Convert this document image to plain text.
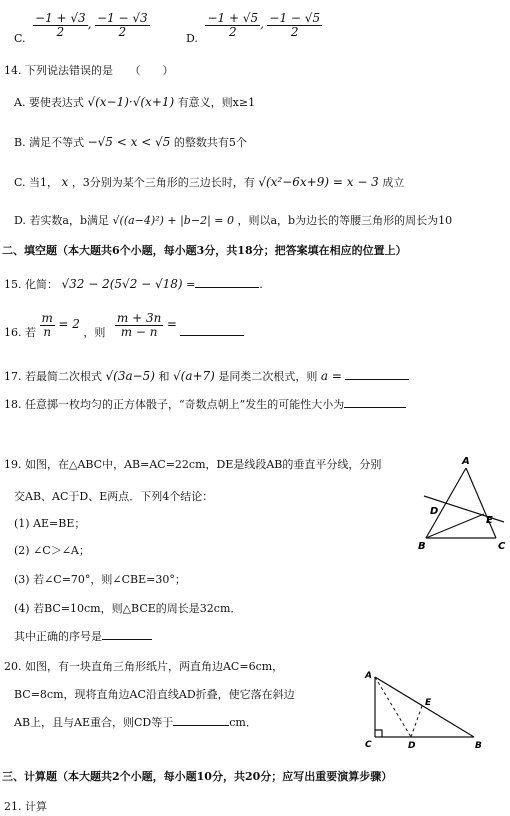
C.
$\frac{-1 + √3}{2}$ , $\frac{-1 - √3}{2}$
D.
$\frac{-1 + √5}{2}$ , $\frac{-1 - √5}{2}$
14. 下列说法错误的是　　（　　）
A. 要使表达式 √(x−1)·√(x+1) 有意义，则x≥1
B. 满足不等式 −√5 < x < √5 的整数共有5个
C. 当1， x ，3分别为某个三角形的三边长时，有 √(x²−6x+9) = x − 3 成立
D. 若实数a，b满足 √((a−4)²) + |b−2| = 0 ，则以a，b为边长的等腰三角形的周长为10
二、填空题（本大题共6个小题，每小题3分，共18分；把答案填在相应的位置上）
15. 化简： √32 − 2(5√2 − √18) =	.
16. 若 $\frac{m}{n} = 2$ ，则 $\frac{m + 3n}{m - n}$ =
17. 若最简二次根式 √(3a−5) 和 √(a+7) 是同类二次根式，则 a =
18. 任意掷一枚均匀的正方体骰子，“奇数点朝上”发生的可能性大小为
19. 如图，在△ABC中，AB=AC=22cm，DE是线段AB的垂直平分线，分别
交AB、AC于D、E两点．下列4个结论：
(1) AE=BE；
(2) ∠C＞∠A；
(3) 若∠C=70°，则∠CBE=30°；
(4) 若BC=10cm，则△BCE的周长是32cm．
其中正确的序号是
A
B	C
D
E
20. 如图，有一块直角三角形纸片，两直角边AC=6cm，
BC=8cm，现将直角边AC沿直线AD折叠，使它落在斜边
AB上，且与AE重合，则CD等于	cm．
A
C	D	B
E
三、计算题（本大题共2个小题，每小题10分，共20分；应写出重要演算步骤）
21. 计算
